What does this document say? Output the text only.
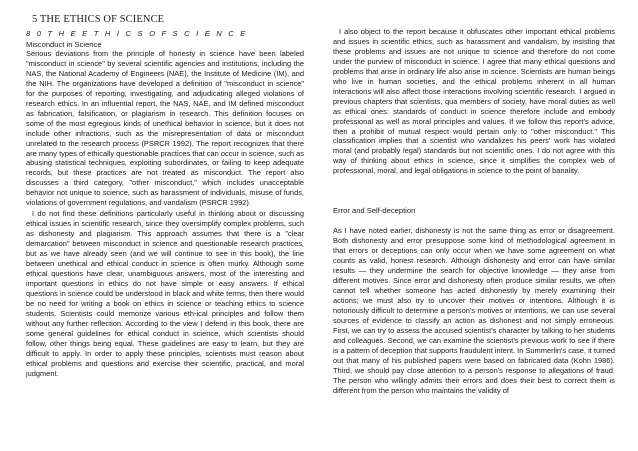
5 THE ETHICS OF SCIENCE
8 0 T H E E T H I C S O F S C I E N C E
Misconduct in Science

Serious deviations from the principle of honesty in science have been labeled "misconduct in science" by several scientific agencies and institutions, including the NAS, the National Academy of Engineers (NAE), the Institute of Medicine (IM), and the NIH. The organizations have developed a definition of "misconduct in science" for the purposes of reporting, investigating, and adjudicating alleged violations of research ethics. In an influential report, the NAS, NAE, and IM defined misconduct as fabrication, falsification, or plagiarism in research. This definition focuses on some of the most egregious kinds of unethical behavior in science, but it does not include other infractions, such as the misrepresentation of data or misconduct unrelated to the research process (PSRCR 1992). The report recognizes that there are many types of ethically questionable practices that can occur in science, such as abusing statistical techniques, exploiting subordinates, or failing to keep adequate records, but these practices are not treated as misconduct. The report also discusses a third category, "other misconduct," which includes unacceptable behavior not unique to science, such as harassment of individuals, misuse of funds, violations of government regulations, and vandalism (PSRCR 1992).

I do not find these definitions particularly useful in thinking about or discussing ethical issues in scientific research, since they oversimplify complex problems, such as dishonesty and plagiarism. This approach assumes that there is a "clear demarcation" between misconduct in science and questionable research practices, but as we have already seen (and we will continue to see in this book), the line between unethical and ethical conduct in science is often murky. Although some ethical questions have clear, unambiguous answers, most of the interesting and important questions in ethics do not have simple or easy answers. If ethical questions in science could be understood in black and white terms, then there would be no need for writing a book on ethics in science or teaching ethics to science students. Scientists could memorize various eth-ical principles and follow them without any further reflection. According to the view I defend in this book, there are some general guidelines for ethical conduct in science, which scientists should follow, other things being equal. These guidelines are easy to learn, but they are difficult to apply. In order to apply these principles, scientists must reason about ethical problems and questions and exercise their scientific, practical, and moral judgment.

I also object to the report because it obfuscates other important ethical problems and issues in scientific ethics, such as harassment and vandalism, by insisting that these problems and issues are not unique to science and therefore do not come under the purview of misconduct in science. I agree that many ethical questions and problems that arise in ordinary life also arise in science. Scientists are human beings who live in human societies, and the ethical problems inherent in all human interactions will also affect those interactions involving scientific research. I argued in previous chapters that scientists, qua members of society, have moral duties as well as ethical ones: standards of conduct in science therefore include and embody professional as well as moral principles and values. If we follow this report's advice, then a prohibit of mutual respect would pertain only to "other misconduct." This classification implies that a scientist who vandalizes his peers' work has violated moral (and probably legal) standards but not scientific ones. I do not agree with this way of thinking about ethics in science, since it simplifies the complex web of professional, moral, and legal obligations in science to the point of banality.

Error and Self-deception

As I have noted earlier, dishonesty is not the same thing as error or disagreement. Both dishonesty and error presuppose some kind of methodological agreement in that errors or deceptions can only occur when we have some agreement on what counts as valid, honest research. Although dishonesty and error can have similar results — they undermine the search for objective knowledge — they arise from different motives. Since error and dishonesty often produce similar results, we often cannot tell whether someone has acted dishonestly by merely examining their actions; we must also try to uncover their motives or intentions. Although it is notoriously difficult to determine a person's motives or intentions, we can use several sources of evidence to classify an action as dishonest and not simply erroneous. First, we can try to assess the accused scientist's character by talking to her students and colleagues. Second, we can examine the scientist's previous work to see if there is a pattern of deception that supports fraudulent intent. In Summerlin's case, it turned out that many of his published papers were based on fabricated data (Kohn 1986). Third, we should pay close attention to a person's response to allegations of fraud. The person who willingly admits their errors and does their best to correct them is different from the person who maintains the validity of
